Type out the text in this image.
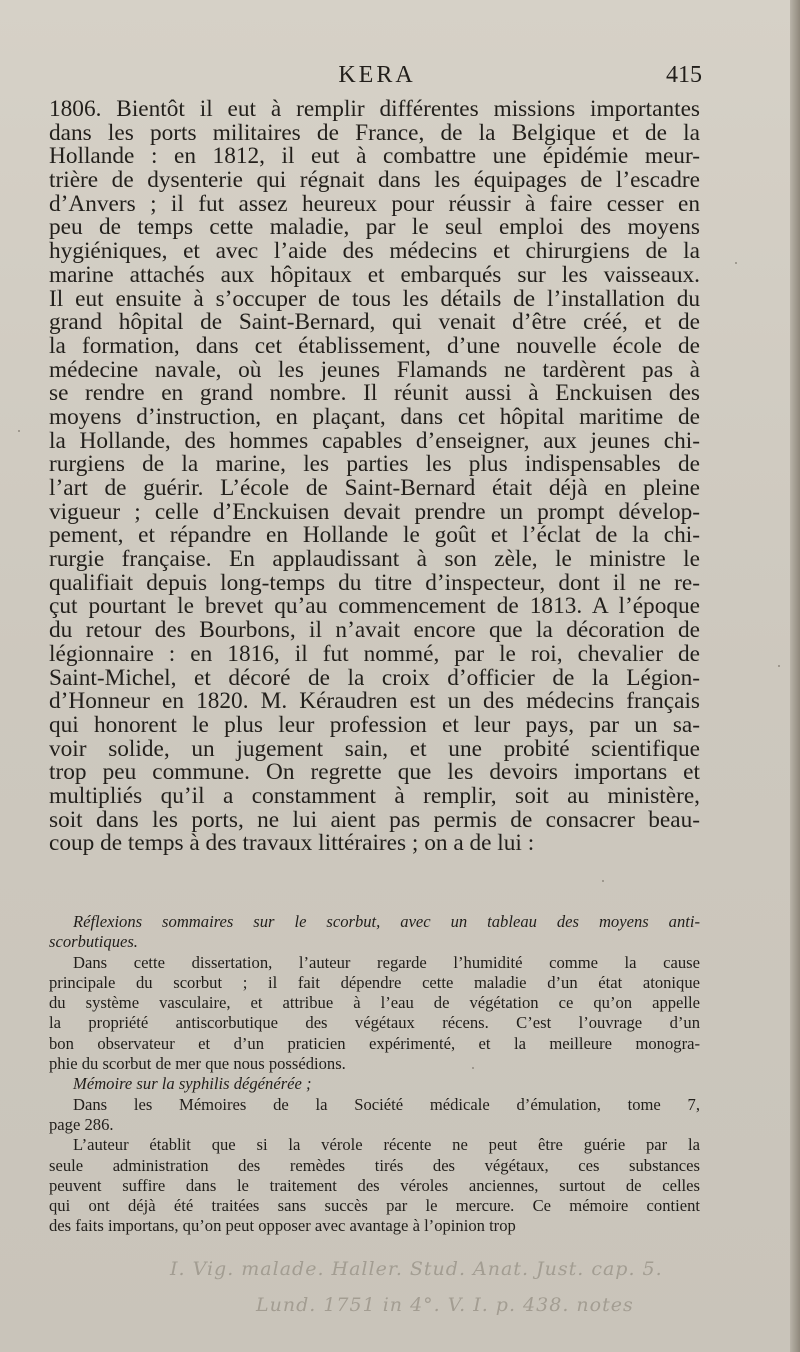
KERA	415
1806. Bientôt il eut à remplir différentes missions importantes
dans les ports militaires de France, de la Belgique et de la
Hollande : en 1812, il eut à combattre une épidémie meur-
trière de dysenterie qui régnait dans les équipages de l’escadre
d’Anvers ; il fut assez heureux pour réussir à faire cesser en
peu de temps cette maladie, par le seul emploi des moyens
hygiéniques, et avec l’aide des médecins et chirurgiens de la
marine attachés aux hôpitaux et embarqués sur les vaisseaux.
Il eut ensuite à s’occuper de tous les détails de l’installation du
grand hôpital de Saint-Bernard, qui venait d’être créé, et de
la formation, dans cet établissement, d’une nouvelle école de
médecine navale, où les jeunes Flamands ne tardèrent pas à
se rendre en grand nombre. Il réunit aussi à Enckuisen des
moyens d’instruction, en plaçant, dans cet hôpital maritime de
la Hollande, des hommes capables d’enseigner, aux jeunes chi-
rurgiens de la marine, les parties les plus indispensables de
l’art de guérir. L’école de Saint-Bernard était déjà en pleine
vigueur ; celle d’Enckuisen devait prendre un prompt dévelop-
pement, et répandre en Hollande le goût et l’éclat de la chi-
rurgie française. En applaudissant à son zèle, le ministre le
qualifiait depuis long-temps du titre d’inspecteur, dont il ne re-
çut pourtant le brevet qu’au commencement de 1813. A l’époque
du retour des Bourbons, il n’avait encore que la décoration de
légionnaire : en 1816, il fut nommé, par le roi, chevalier de
Saint-Michel, et décoré de la croix d’officier de la Légion-
d’Honneur en 1820. M. Kéraudren est un des médecins français
qui honorent le plus leur profession et leur pays, par un sa-
voir solide, un jugement sain, et une probité scientifique
trop peu commune. On regrette que les devoirs importans et
multipliés qu’il a constamment à remplir, soit au ministère,
soit dans les ports, ne lui aient pas permis de consacrer beau-
coup de temps à des travaux littéraires ; on a de lui :
Réflexions sommaires sur le scorbut, avec un tableau des moyens anti-
scorbutiques.
Dans cette dissertation, l’auteur regarde l’humidité comme la cause
principale du scorbut ; il fait dépendre cette maladie d’un état atonique
du système vasculaire, et attribue à l’eau de végétation ce qu’on appelle
la propriété antiscorbutique des végétaux récens. C’est l’ouvrage d’un
bon observateur et d’un praticien expérimenté, et la meilleure monogra-
phie du scorbut de mer que nous possédions.
Mémoire sur la syphilis dégénérée ;
Dans les Mémoires de la Société médicale d’émulation, tome 7,
page 286.
L’auteur établit que si la vérole récente ne peut être guérie par la
seule administration des remèdes tirés des végétaux, ces substances
peuvent suffire dans le traitement des véroles anciennes, surtout de celles
qui ont déjà été traitées sans succès par le mercure. Ce mémoire contient
des faits importans, qu’on peut opposer avec avantage à l’opinion trop
I. Vig. malade. Haller. Stud. Anat. Just. cap. 5.
Lund. 1751 in 4°. V. I. p. 438. notes
